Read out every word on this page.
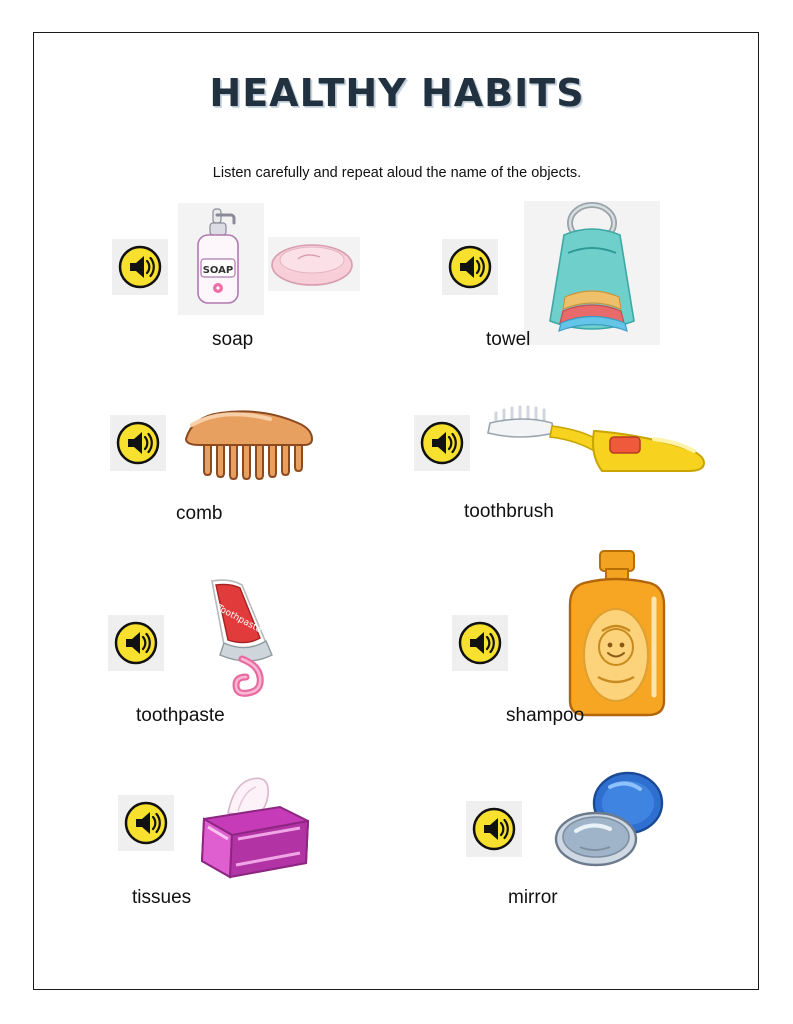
HEALTHY HABITS
Listen carefully and repeat aloud the name of the objects.
SOAP
soap	towel
comb	toothbrush
Toothpaste
toothpaste	shampoo
tissues	mirror
